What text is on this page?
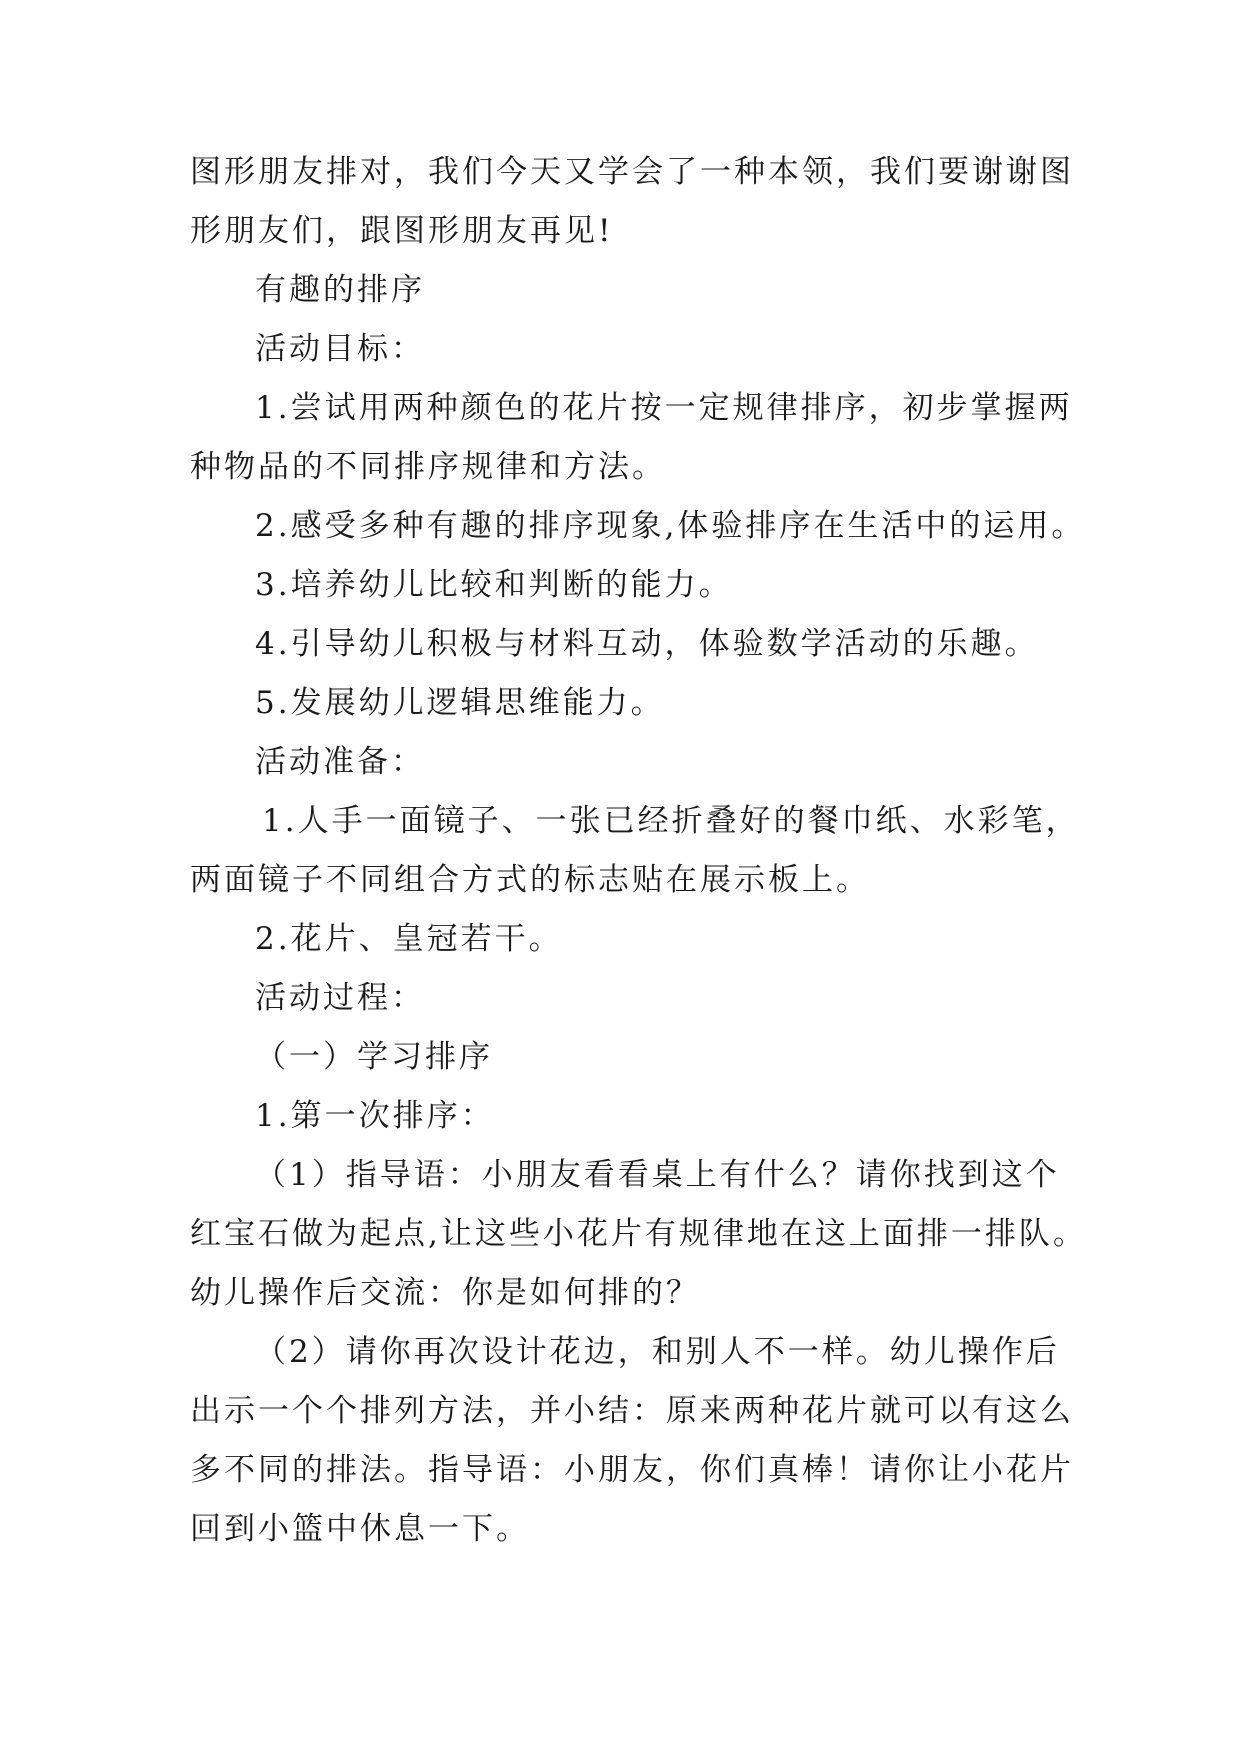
图形朋友排对，我们今天又学会了一种本领，我们要谢谢图
形朋友们，跟图形朋友再见!
有趣的排序
活动目标：
1.尝试用两种颜色的花片按一定规律排序，初步掌握两
种物品的不同排序规律和方法。
2.感受多种有趣的排序现象,体验排序在生活中的运用。
3.培养幼儿比较和判断的能力。
4.引导幼儿积极与材料互动，体验数学活动的乐趣。
5.发展幼儿逻辑思维能力。
活动准备：
1.人手一面镜子、一张已经折叠好的餐巾纸、水彩笔，
两面镜子不同组合方式的标志贴在展示板上。
2.花片、皇冠若干。
活动过程：
（一）学习排序
1.第一次排序：
（1）指导语：小朋友看看桌上有什么？请你找到这个
红宝石做为起点,让这些小花片有规律地在这上面排一排队。
幼儿操作后交流：你是如何排的？
（2）请你再次设计花边，和别人不一样。幼儿操作后
出示一个个排列方法，并小结：原来两种花片就可以有这么
多不同的排法。指导语：小朋友，你们真棒！请你让小花片
回到小篮中休息一下。
